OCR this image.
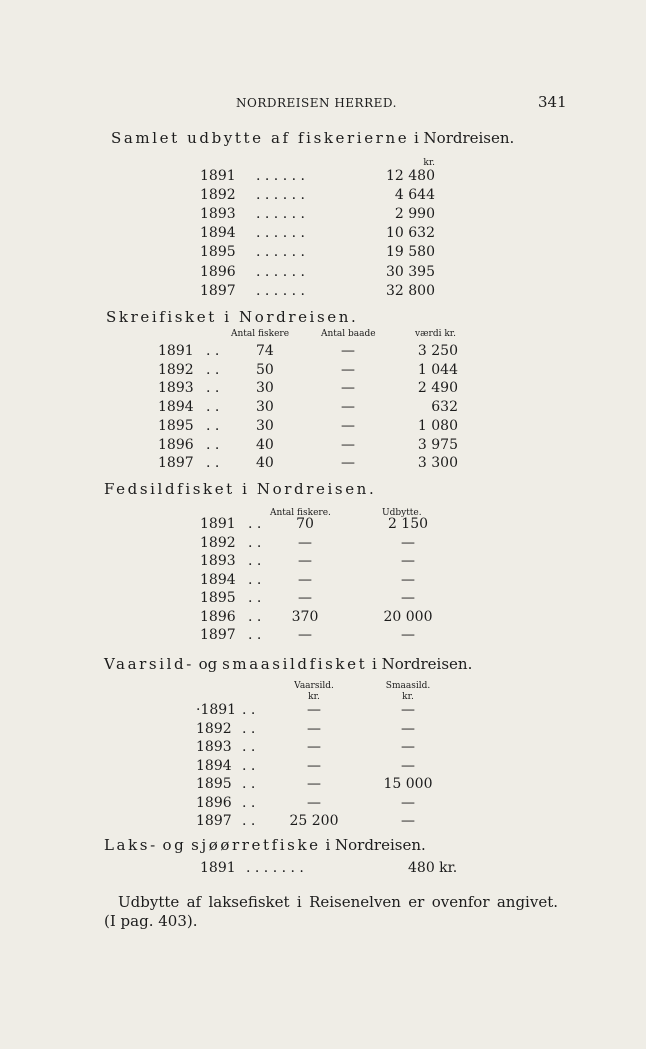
NORDREISEN HERRED.	341
Samlet udbytte af fiskerierne i Nordreisen.
kr.
1891 . . . . . .	12 480
1892 . . . . . .	4 644
1893 . . . . . .	2 990
1894 . . . . . .	10 632
1895 . . . . . .	19 580
1896 . . . . . .	30 395
1897 . . . . . .	32 800
Skreifisket i Nordreisen.
Antal fiskere	Antal baade	værdi kr.
1891 . .	74	—	3 250
1892 . .	50	—	1 044
1893 . .	30	—	2 490
1894 . .	30	—	632
1895 . .	30	—	1 080
1896 . .	40	—	3 975
1897 . .	40	—	3 300
Fedsildfisket i Nordreisen.
Antal fiskere.	Udbytte.
1891 . .	70	2 150
1892 . .	—	—
1893 . .	—	—
1894 . .	—	—
1895 . .	—	—
1896 . .	370	20 000
1897 . .	—	—
Vaarsild- og smaasildfisket i Nordreisen.
Vaarsild.	Smaasild.
kr.	kr.
·1891 . .	—	—
1892 . .	—	—
1893 . .	—	—
1894 . .	—	—
1895 . .	—	15 000
1896 . .	—	—
1897 . .	25 200	—
Laks- og sjøørretfiske i Nordreisen.
1891 . . . . . . .	480 kr.
Udbytte af laksefisket i Reisenelven er ovenfor angivet.
(I pag. 403).
